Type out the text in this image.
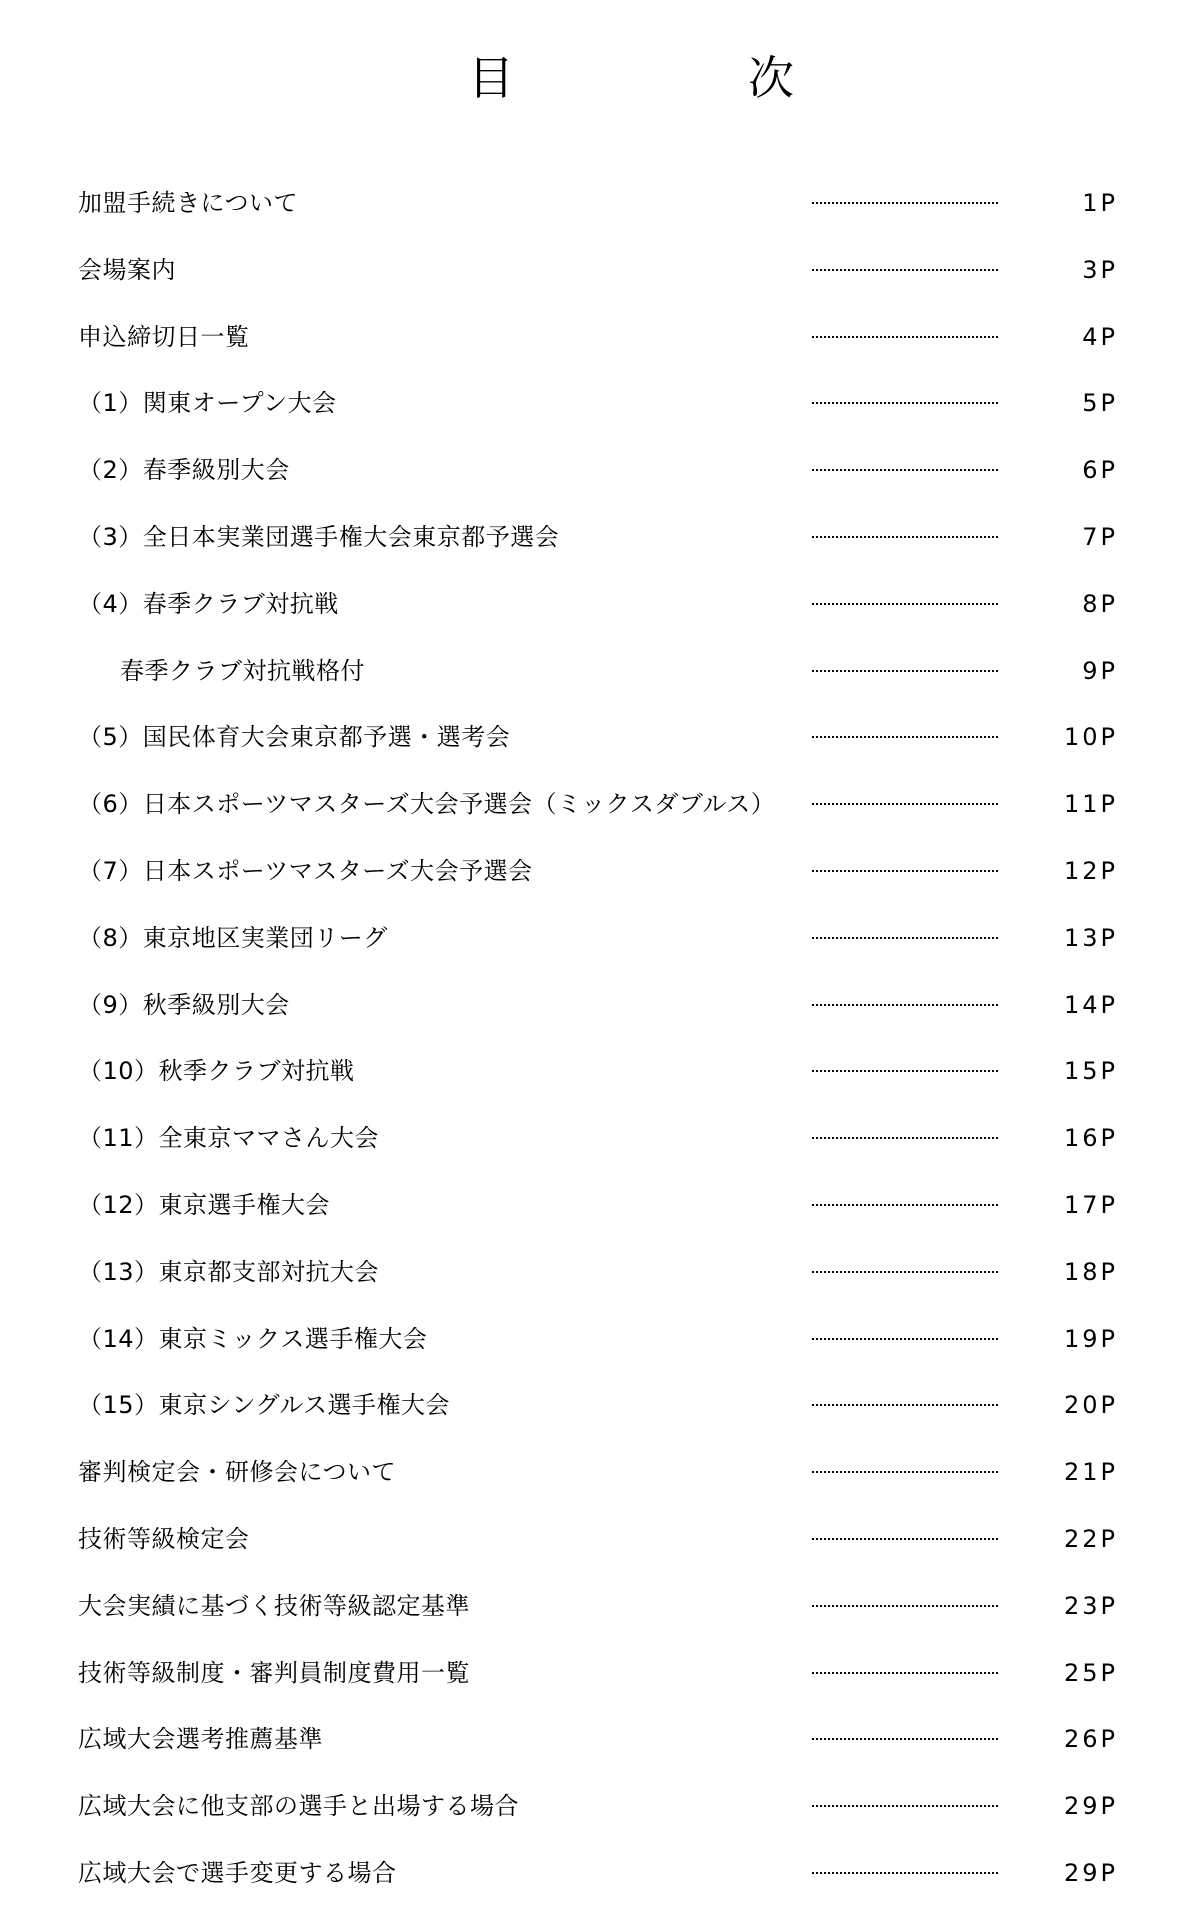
目	次
加盟手続きについて	1P
会場案内	3P
申込締切日一覧	4P
（1）関東オープン大会	5P
（2）春季級別大会	6P
（3）全日本実業団選手権大会東京都予選会	7P
（4）春季クラブ対抗戦	8P
春季クラブ対抗戦格付	9P
（5）国民体育大会東京都予選・選考会	10P
（6）日本スポーツマスターズ大会予選会（ミックスダブルス）	11P
（7）日本スポーツマスターズ大会予選会	12P
（8）東京地区実業団リーグ	13P
（9）秋季級別大会	14P
（10）秋季クラブ対抗戦	15P
（11）全東京ママさん大会	16P
（12）東京選手権大会	17P
（13）東京都支部対抗大会	18P
（14）東京ミックス選手権大会	19P
（15）東京シングルス選手権大会	20P
審判検定会・研修会について	21P
技術等級検定会	22P
大会実績に基づく技術等級認定基準	23P
技術等級制度・審判員制度費用一覧	25P
広域大会選考推薦基準	26P
広域大会に他支部の選手と出場する場合	29P
広域大会で選手変更する場合	29P
